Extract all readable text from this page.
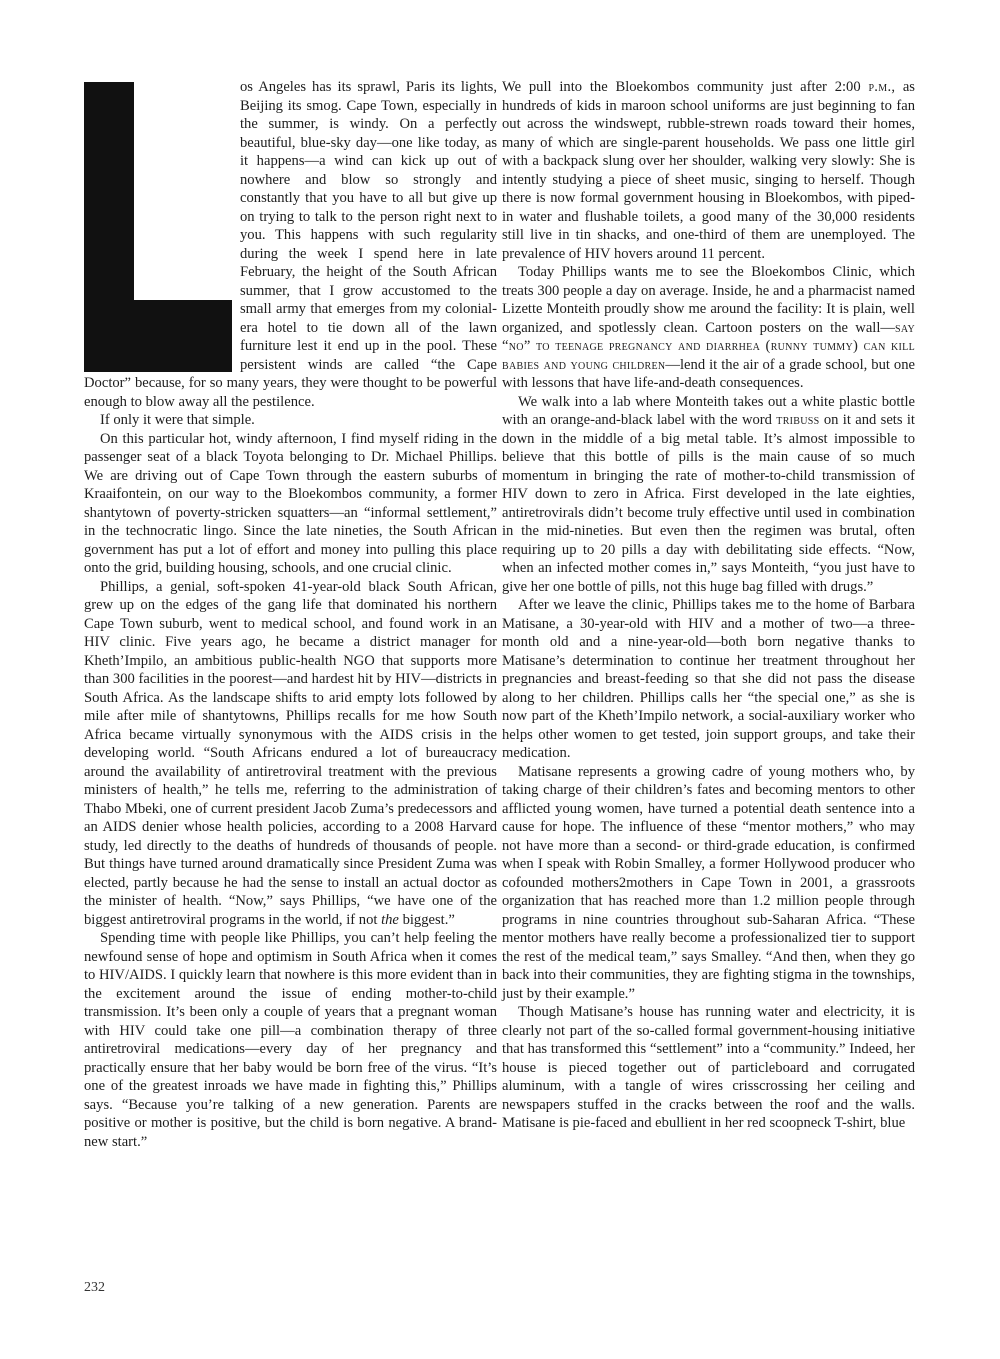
os Angeles has its sprawl, Paris its lights, Beijing its smog. Cape Town, especially in the summer, is windy. On a perfectly beautiful, blue-sky day—one like today, as it happens—a wind can kick up out of nowhere and blow so strongly and constantly that you have to all but give up on trying to talk to the person right next to you. This happens with such regularity during the week I spend here in late February, the height of the South African summer, that I grow accustomed to the small army that emerges from my colonial-era hotel to tie down all of the lawn furniture lest it end up in the pool. These persistent winds are called “the Cape Doctor” because, for so many years, they were thought to be powerful enough to blow away all the pestilence.

If only it were that simple.

On this particular hot, windy afternoon, I find myself riding in the passenger seat of a black Toyota belonging to Dr. Michael Phillips. We are driving out of Cape Town through the eastern suburbs of Kraaifontein, on our way to the Bloekombos community, a former shantytown of poverty-stricken squatters—an “informal settlement,” in the technocratic lingo. Since the late nineties, the South African government has put a lot of effort and money into pulling this place onto the grid, building housing, schools, and one crucial clinic.

Phillips, a genial, soft-spoken 41-year-old black South African, grew up on the edges of the gang life that dominated his northern Cape Town suburb, went to medical school, and found work in an HIV clinic. Five years ago, he became a district manager for Kheth’Impilo, an ambitious public-health NGO that supports more than 300 facilities in the poorest—and hardest hit by HIV—districts in South Africa. As the landscape shifts to arid empty lots followed by mile after mile of shantytowns, Phillips recalls for me how South Africa became virtually synonymous with the AIDS crisis in the developing world. “South Africans endured a lot of bureaucracy around the availability of antiretroviral treatment with the previous ministers of health,” he tells me, referring to the administration of Thabo Mbeki, one of current president Jacob Zuma’s predecessors and an AIDS denier whose health policies, according to a 2008 Harvard study, led directly to the deaths of hundreds of thousands of people. But things have turned around dramatically since President Zuma was elected, partly because he had the sense to install an actual doctor as the minister of health. “Now,” says Phillips, “we have one of the biggest antiretroviral programs in the world, if not the biggest.”

Spending time with people like Phillips, you can’t help feeling the newfound sense of hope and optimism in South Africa when it comes to HIV/AIDS. I quickly learn that nowhere is this more evident than in the excitement around the issue of ending mother-to-child transmission. It’s been only a couple of years that a pregnant woman with HIV could take one pill—a combination therapy of three antiretroviral medications—every day of her pregnancy and practically ensure that her baby would be born free of the virus. “It’s one of the greatest inroads we have made in fighting this,” Phillips says. “Because you’re talking of a new generation. Parents are positive or mother is positive, but the child is born negative. A brand-new start.”

We pull into the Bloekombos community just after 2:00 p.m., as hundreds of kids in maroon school uniforms are just beginning to fan out across the windswept, rubble-strewn roads toward their homes, many of which are single-parent households. We pass one little girl with a backpack slung over her shoulder, walking very slowly: She is intently studying a piece of sheet music, singing to herself. Though there is now formal government housing in Bloekombos, with piped-in water and flushable toilets, a good many of the 30,000 residents still live in tin shacks, and one-third of them are unemployed. The prevalence of HIV hovers around 11 percent.

Today Phillips wants me to see the Bloekombos Clinic, which treats 300 people a day on average. Inside, he and a pharmacist named Lizette Monteith proudly show me around the facility: It is plain, well organized, and spotlessly clean. Cartoon posters on the wall—say “no” to teenage pregnancy and diarrhea (runny tummy) can kill babies and young children—lend it the air of a grade school, but one with lessons that have life-and-death consequences.

We walk into a lab where Monteith takes out a white plastic bottle with an orange-and-black label with the word tribuss on it and sets it down in the middle of a big metal table. It’s almost impossible to believe that this bottle of pills is the main cause of so much momentum in bringing the rate of mother-to-child transmission of HIV down to zero in Africa. First developed in the late eighties, antiretrovirals didn’t become truly effective until used in combination in the mid-nineties. But even then the regimen was brutal, often requiring up to 20 pills a day with debilitating side effects. “Now, when an infected mother comes in,” says Monteith, “you just have to give her one bottle of pills, not this huge bag filled with drugs.”

After we leave the clinic, Phillips takes me to the home of Barbara Matisane, a 30-year-old with HIV and a mother of two—a three-month old and a nine-year-old—both born negative thanks to Matisane’s determination to continue her treatment throughout her pregnancies and breast-feeding so that she did not pass the disease along to her children. Phillips calls her “the special one,” as she is now part of the Kheth’Impilo network, a social-auxiliary worker who helps other women to get tested, join support groups, and take their medication.

Matisane represents a growing cadre of young mothers who, by taking charge of their children’s fates and becoming mentors to other afflicted young women, have turned a potential death sentence into a cause for hope. The influence of these “mentor mothers,” who may not have more than a second- or third-grade education, is confirmed when I speak with Robin Smalley, a former Hollywood producer who cofounded mothers2mothers in Cape Town in 2001, a grassroots organization that has reached more than 1.2 million people through programs in nine countries throughout sub-Saharan Africa. “These mentor mothers have really become a professionalized tier to support the rest of the medical team,” says Smalley. “And then, when they go back into their communities, they are fighting stigma in the townships, just by their example.”

Though Matisane’s house has running water and electricity, it is clearly not part of the so-called formal government-housing initiative that has transformed this “settlement” into a “community.” Indeed, her house is pieced together out of particleboard and corrugated aluminum, with a tangle of wires crisscrossing her ceiling and newspapers stuffed in the cracks between the roof and the walls. Matisane is pie-faced and ebullient in her red scoopneck T-shirt, blue

232
